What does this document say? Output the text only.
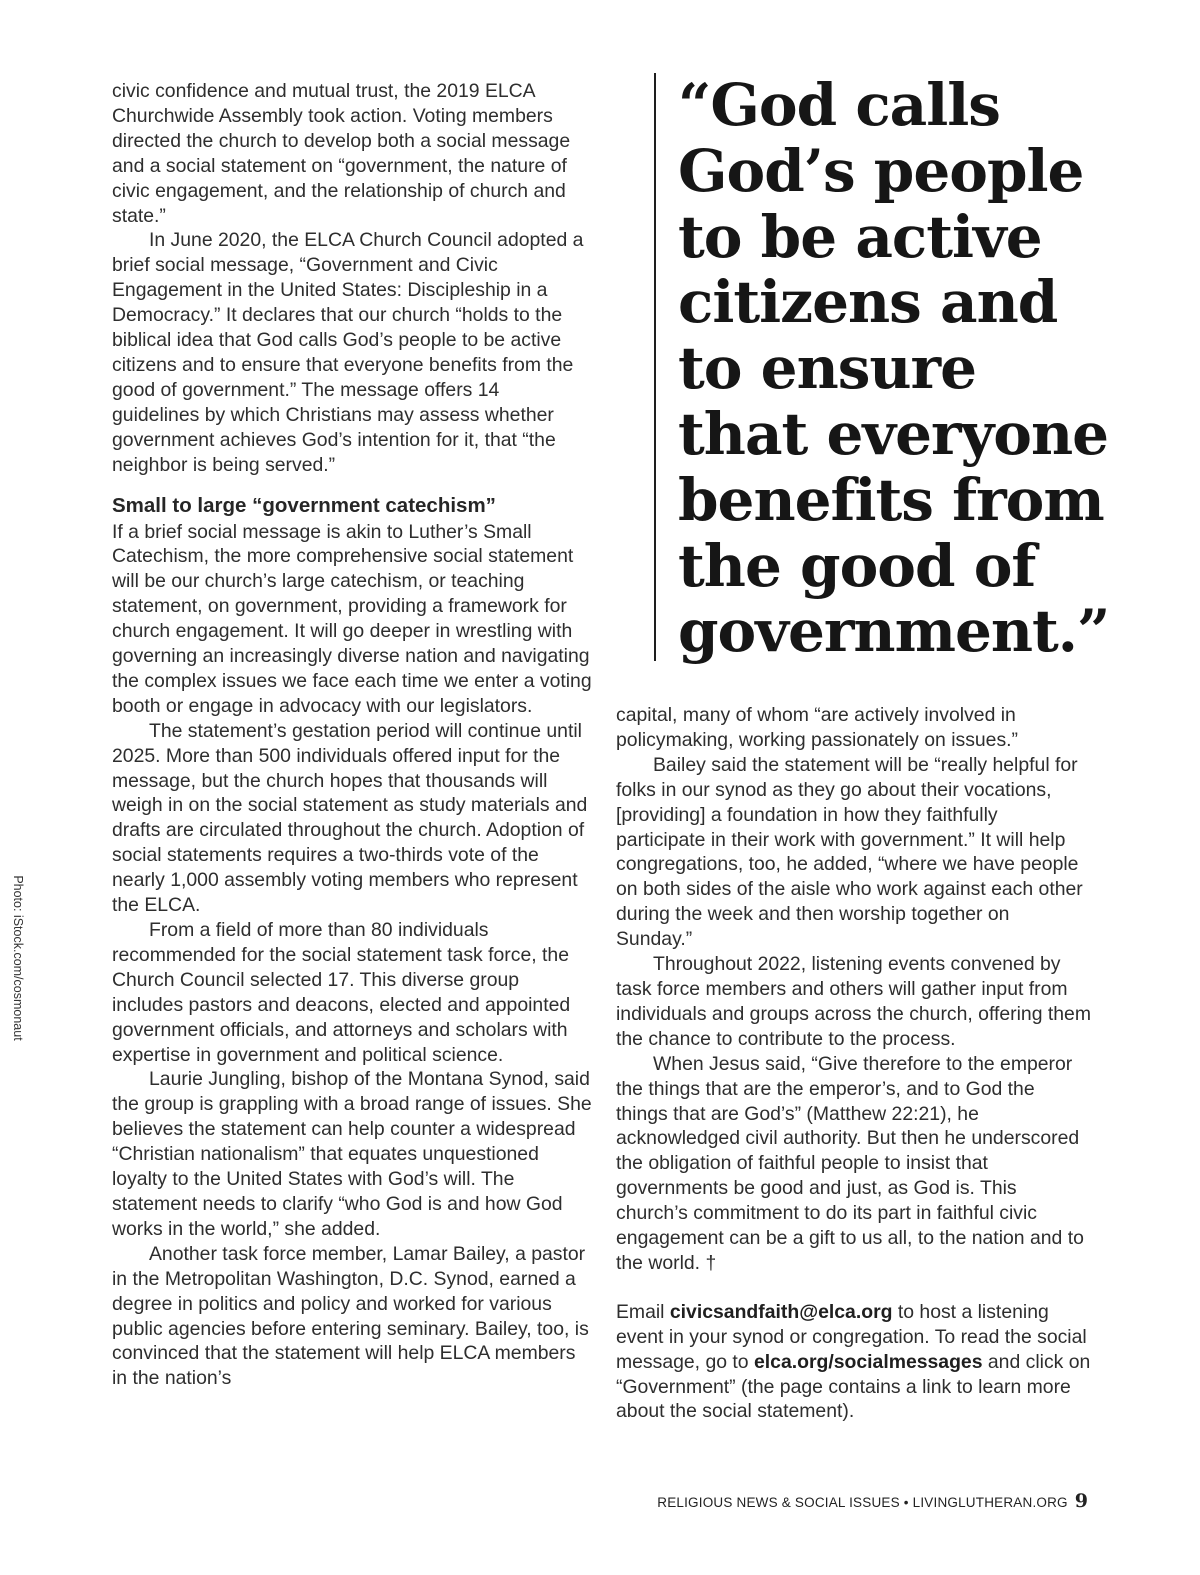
civic confidence and mutual trust, the 2019 ELCA Churchwide Assembly took action. Voting members directed the church to develop both a social message and a social statement on “government, the nature of civic engagement, and the relationship of church and state.”

In June 2020, the ELCA Church Council adopted a brief social message, “Government and Civic Engagement in the United States: Discipleship in a Democracy.” It declares that our church “holds to the biblical idea that God calls God’s people to be active citizens and to ensure that everyone benefits from the good of government.” The message offers 14 guidelines by which Christians may assess whether government achieves God’s intention for it, that “the neighbor is being served.”

Small to large “government catechism”

If a brief social message is akin to Luther’s Small Catechism, the more comprehensive social statement will be our church’s large catechism, or teaching statement, on government, providing a framework for church engagement. It will go deeper in wrestling with governing an increasingly diverse nation and navigating the complex issues we face each time we enter a voting booth or engage in advocacy with our legislators.

The statement’s gestation period will continue until 2025. More than 500 individuals offered input for the message, but the church hopes that thousands will weigh in on the social statement as study materials and drafts are circulated throughout the church. Adoption of social statements requires a two-thirds vote of the nearly 1,000 assembly voting members who represent the ELCA.

From a field of more than 80 individuals recommended for the social statement task force, the Church Council selected 17. This diverse group includes pastors and deacons, elected and appointed government officials, and attorneys and scholars with expertise in government and political science.

Laurie Jungling, bishop of the Montana Synod, said the group is grappling with a broad range of issues. She believes the statement can help counter a widespread “Christian nationalism” that equates unquestioned loyalty to the United States with God’s will. The statement needs to clarify “who God is and how God works in the world,” she added.

Another task force member, Lamar Bailey, a pastor in the Metropolitan Washington, D.C. Synod, earned a degree in politics and policy and worked for various public agencies before entering seminary. Bailey, too, is convinced that the statement will help ELCA members in the nation’s

“God calls
God’s people
to be active
citizens and
to ensure
that everyone
benefits from
the good of
government.”

capital, many of whom “are actively involved in policymaking, working passionately on issues.”

Bailey said the statement will be “really helpful for folks in our synod as they go about their vocations, [providing] a foundation in how they faithfully participate in their work with government.” It will help congregations, too, he added, “where we have people on both sides of the aisle who work against each other during the week and then worship together on Sunday.”

Throughout 2022, listening events convened by task force members and others will gather input from individuals and groups across the church, offering them the chance to contribute to the process.

When Jesus said, “Give therefore to the emperor the things that are the emperor’s, and to God the things that are God’s” (Matthew 22:21), he acknowledged civil authority. But then he underscored the obligation of faithful people to insist that governments be good and just, as God is. This church’s commitment to do its part in faithful civic engagement can be a gift to us all, to the nation and to the world. †

Email civicsandfaith@elca.org to host a listening event in your synod or congregation. To read the social message, go to elca.org/socialmessages and click on “Government” (the page contains a link to learn more about the social statement).

Photo: iStock.com/cosmonaut
RELIGIOUS NEWS & SOCIAL ISSUES • LIVINGLUTHERAN.ORG 9
